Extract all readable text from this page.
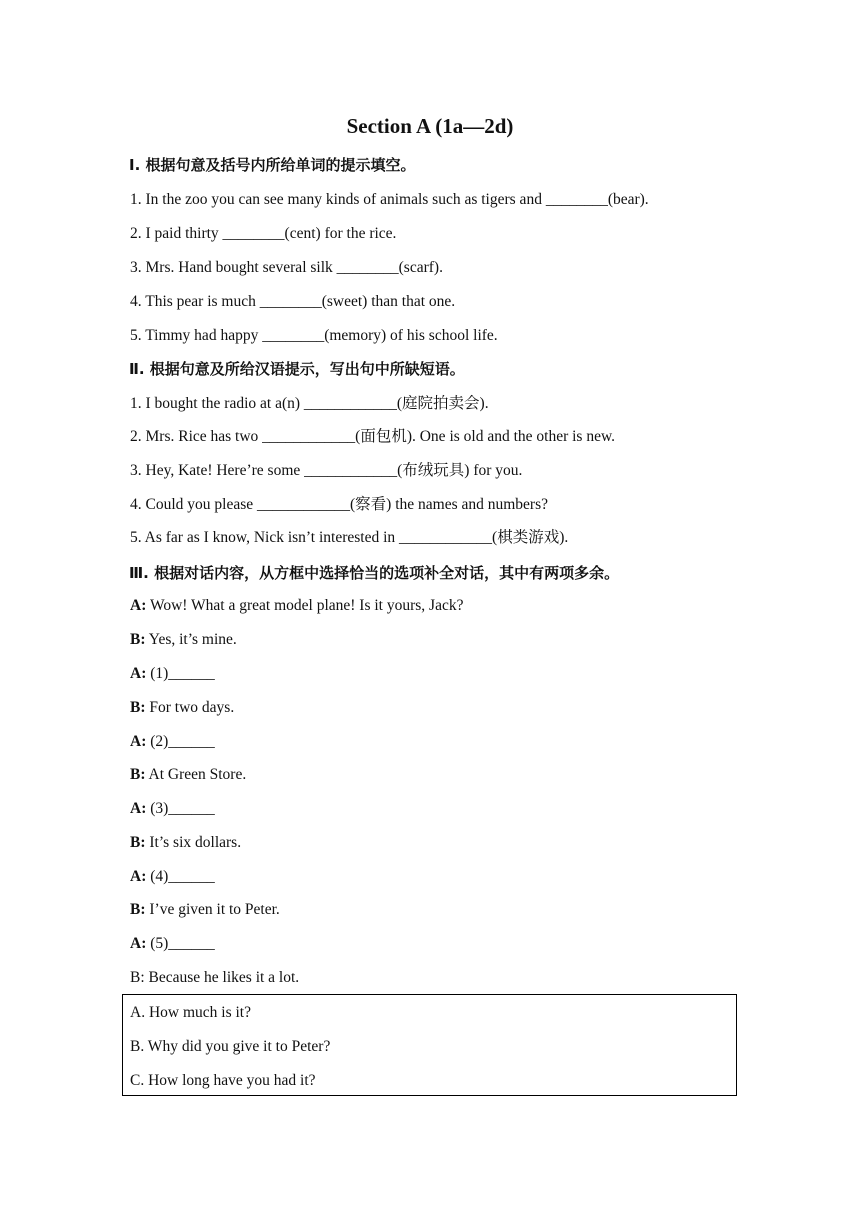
Section A (1a—2d)
Ⅰ. 根据句意及括号内所给单词的提示填空。
1. In the zoo you can see many kinds of animals such as tigers and ________(bear).
2. I paid thirty ________(cent) for the rice.
3. Mrs. Hand bought several silk ________(scarf).
4. This pear is much ________(sweet) than that one.
5. Timmy had happy ________(memory) of his school life.
Ⅱ. 根据句意及所给汉语提示，写出句中所缺短语。
1. I bought the radio at a(n) ____________(庭院拍卖会).
2. Mrs. Rice has two ____________(面包机). One is old and the other is new.
3. Hey, Kate! Here’re some ____________(布绒玩具) for you.
4. Could you please ____________(察看) the names and numbers?
5. As far as I know, Nick isn’t interested in ____________(棋类游戏).
Ⅲ. 根据对话内容，从方框中选择恰当的选项补全对话，其中有两项多余。
A: Wow! What a great model plane! Is it yours, Jack?
B: Yes, it’s mine.
A: (1)______
B: For two days.
A: (2)______
B: At Green Store.
A: (3)______
B: It’s six dollars.
A: (4)______
B: I’ve given it to Peter.
A: (5)______
B: Because he likes it a lot.
A. How much is it?
B. Why did you give it to Peter?
C. How long have you had it?
